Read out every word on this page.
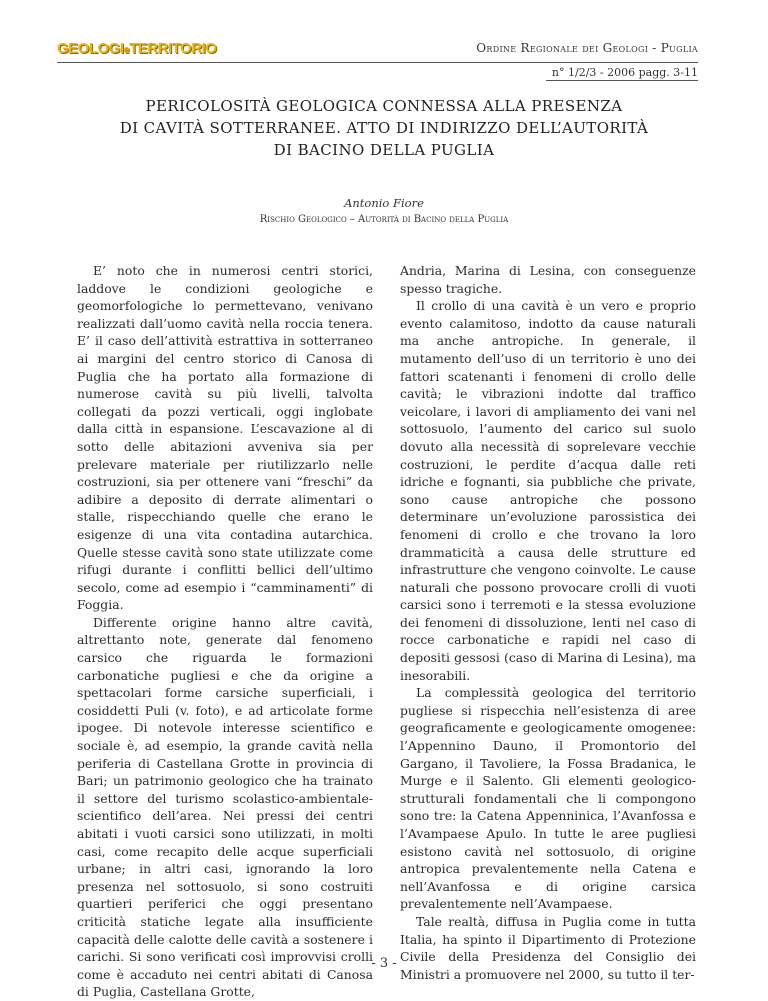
GEOLOGIeTERRITORIO	Ordine Regionale dei Geologi - Puglia
n° 1/2/3 - 2006 pagg. 3-11
PERICOLOSITÀ GEOLOGICA CONNESSA ALLA PRESENZA
DI CAVITÀ SOTTERRANEE. ATTO DI INDIRIZZO DELL’AUTORITÀ
DI BACINO DELLA PUGLIA
Antonio Fiore
Rischio Geologico – Autorità di Bacino della Puglia

E’ noto che in numerosi centri storici, laddove le condizioni geologiche e geomorfologiche lo permettevano, venivano realizzati dall’uomo cavità nella roccia tenera. E’ il caso dell’attività estrattiva in sotterraneo ai margini del centro storico di Canosa di Puglia che ha portato alla formazione di numerose cavità su più livelli, talvolta collegati da pozzi verticali, oggi inglobate dalla città in espansione. L’escavazione al di sotto delle abitazioni avveniva sia per prelevare materiale per riutilizzarlo nelle costruzioni, sia per ottenere vani “freschi” da adibire a deposito di derrate alimentari o stalle, rispecchiando quelle che erano le esigenze di una vita contadina autarchica. Quelle stesse cavità sono state utilizzate come rifugi durante i conflitti bellici dell’ultimo secolo, come ad esempio i “camminamenti” di Foggia.

Differente origine hanno altre cavità, altrettanto note, generate dal fenomeno carsico che riguarda le formazioni carbonatiche pugliesi e che da origine a spettacolari forme carsiche superficiali, i cosiddetti Puli (v. foto), e ad articolate forme ipogee. Di notevole interesse scientifico e sociale è, ad esempio, la grande cavità nella periferia di Castellana Grotte in provincia di Bari; un patrimonio geologico che ha trainato il settore del turismo scolastico-ambientale-scientifico dell’area. Nei pressi dei centri abitati i vuoti carsici sono utilizzati, in molti casi, come recapito delle acque superficiali urbane; in altri casi, ignorando la loro presenza nel sottosuolo, si sono costruiti quartieri periferici che oggi presentano criticità statiche legate alla insufficiente capacità delle calotte delle cavità a sostenere i carichi. Si sono verificati così improvvisi crolli come è accaduto nei centri abitati di Canosa di Puglia, Castellana Grotte,

Andria, Marina di Lesina, con conseguenze spesso tragiche.

Il crollo di una cavità è un vero e proprio evento calamitoso, indotto da cause naturali ma anche antropiche. In generale, il mutamento dell’uso di un territorio è uno dei fattori scatenanti i fenomeni di crollo delle cavità; le vibrazioni indotte dal traffico veicolare, i lavori di ampliamento dei vani nel sottosuolo, l’aumento del carico sul suolo dovuto alla necessità di soprelevare vecchie costruzioni, le perdite d’acqua dalle reti idriche e fognanti, sia pubbliche che private, sono cause antropiche che possono determinare un’evoluzione parossistica dei fenomeni di crollo e che trovano la loro drammaticità a causa delle strutture ed infrastrutture che vengono coinvolte. Le cause naturali che possono provocare crolli di vuoti carsici sono i terremoti e la stessa evoluzione dei fenomeni di dissoluzione, lenti nel caso di rocce carbonatiche e rapidi nel caso di depositi gessosi (caso di Marina di Lesina), ma inesorabili.

La complessità geologica del territorio pugliese si rispecchia nell’esistenza di aree geograficamente e geologicamente omogenee: l’Appennino Dauno, il Promontorio del Gargano, il Tavoliere, la Fossa Bradanica, le Murge e il Salento. Gli elementi geologico-strutturali fondamentali che li compongono sono tre: la Catena Appenninica, l’Avanfossa e l’Avampaese Apulo. In tutte le aree pugliesi esistono cavità nel sottosuolo, di origine antropica prevalentemente nella Catena e nell’Avanfossa e di origine carsica prevalentemente nell’Avampaese.

Tale realtà, diffusa in Puglia come in tutta Italia, ha spinto il Dipartimento di Protezione Civile della Presidenza del Consiglio dei Ministri a promuovere nel 2000, su tutto il ter-

- 3 -
